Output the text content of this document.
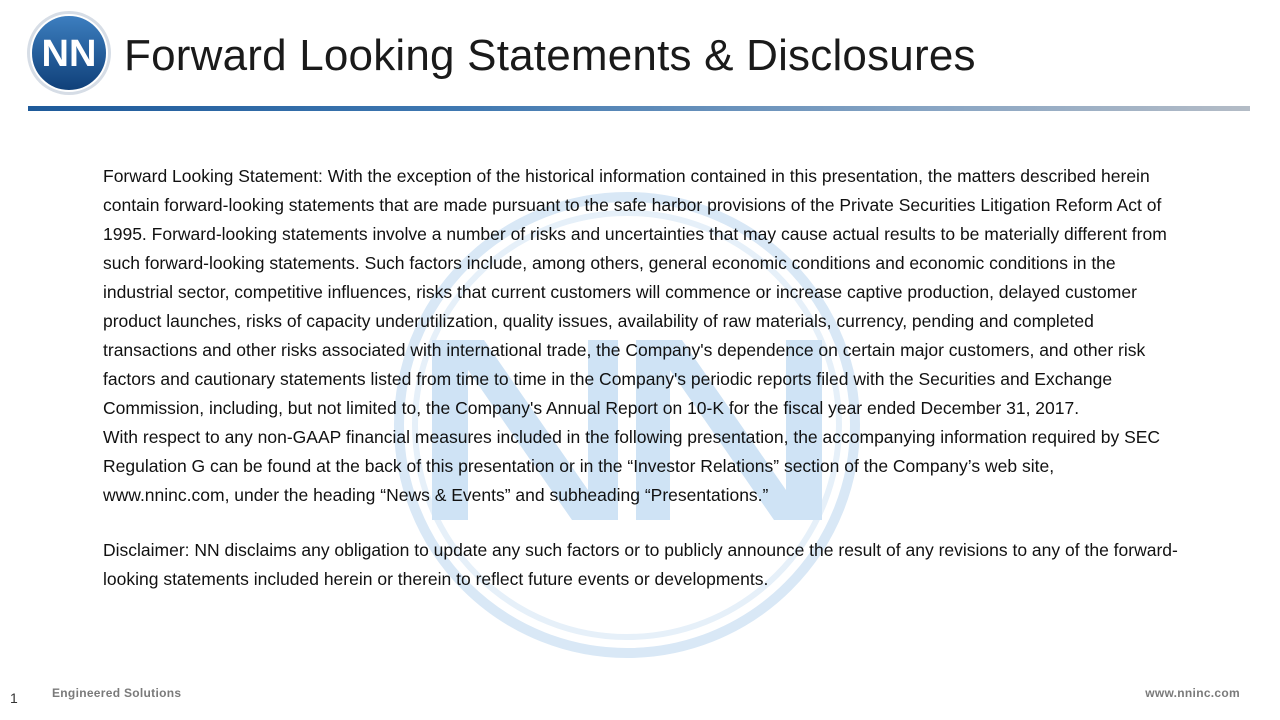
NN Forward Looking Statements & Disclosures

Forward Looking Statement: With the exception of the historical information contained in this presentation, the matters described herein contain forward-looking statements that are made pursuant to the safe harbor provisions of the Private Securities Litigation Reform Act of 1995. Forward-looking statements involve a number of risks and uncertainties that may cause actual results to be materially different from such forward-looking statements. Such factors include, among others, general economic conditions and economic conditions in the industrial sector, competitive influences, risks that current customers will commence or increase captive production, delayed customer product launches, risks of capacity underutilization, quality issues, availability of raw materials, currency, pending and completed transactions and other risks associated with international trade, the Company's dependence on certain major customers, and other risk factors and cautionary statements listed from time to time in the Company's periodic reports filed with the Securities and Exchange Commission, including, but not limited to, the Company's Annual Report on 10-K for the fiscal year ended December 31, 2017.

With respect to any non-GAAP financial measures included in the following presentation, the accompanying information required by SEC Regulation G can be found at the back of this presentation or in the “Investor Relations” section of the Company’s web site, www.nninc.com, under the heading “News & Events” and subheading “Presentations.”

Disclaimer: NN disclaims any obligation to update any such factors or to publicly announce the result of any revisions to any of the forward-looking statements included herein or therein to reflect future events or developments.

1	Engineered Solutions	www.nninc.com
